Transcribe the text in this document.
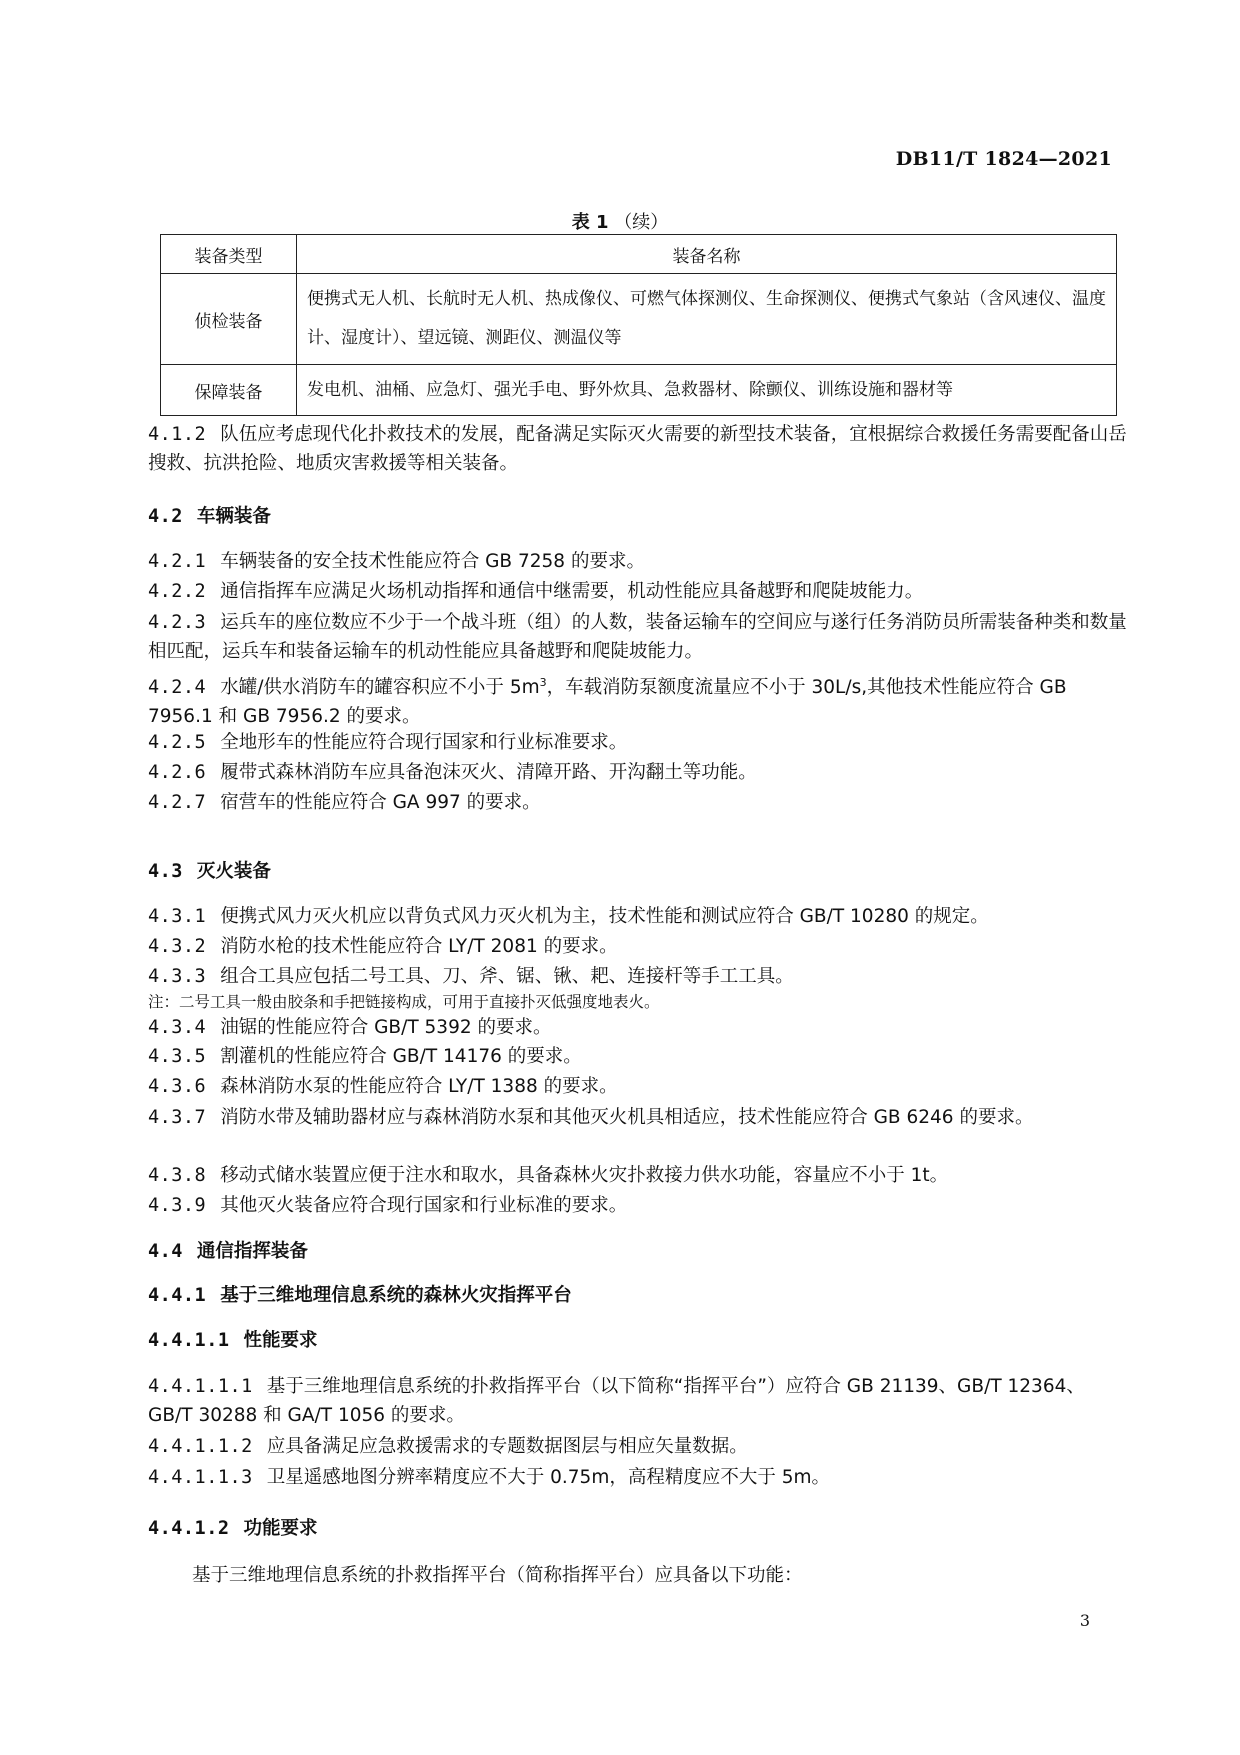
DB11/T 1824—2021
表 1 （续）
装备类型	装备名称
侦检装备	便携式无人机、长航时无人机、热成像仪、可燃气体探测仪、生命探测仪、便携式气象站（含风速仪、温度计、湿度计）、望远镜、测距仪、测温仪等
保障装备	发电机、油桶、应急灯、强光手电、野外炊具、急救器材、除颤仪、训练设施和器材等
4.1.2 队伍应考虑现代化扑救技术的发展，配备满足实际灭火需要的新型技术装备，宜根据综合救援任务需要配备山岳搜救、抗洪抢险、地质灾害救援等相关装备。
4.2 车辆装备
4.2.1 车辆装备的安全技术性能应符合 GB 7258 的要求。
4.2.2 通信指挥车应满足火场机动指挥和通信中继需要，机动性能应具备越野和爬陡坡能力。
4.2.3 运兵车的座位数应不少于一个战斗班（组）的人数，装备运输车的空间应与遂行任务消防员所需装备种类和数量相匹配，运兵车和装备运输车的机动性能应具备越野和爬陡坡能力。
4.2.4 水罐/供水消防车的罐容积应不小于 $5m^3$，车载消防泵额度流量应不小于 30L/s,其他技术性能应符合 GB 7956.1 和 GB 7956.2 的要求。
4.2.5 全地形车的性能应符合现行国家和行业标准要求。
4.2.6 履带式森林消防车应具备泡沫灭火、清障开路、开沟翻土等功能。
4.2.7 宿营车的性能应符合 GA 997 的要求。
4.3 灭火装备
4.3.1 便携式风力灭火机应以背负式风力灭火机为主，技术性能和测试应符合 GB/T 10280 的规定。
4.3.2 消防水枪的技术性能应符合 LY/T 2081 的要求。
4.3.3 组合工具应包括二号工具、刀、斧、锯、锹、耙、连接杆等手工工具。
注：二号工具一般由胶条和手把链接构成，可用于直接扑灭低强度地表火。
4.3.4 油锯的性能应符合 GB/T 5392 的要求。
4.3.5 割灌机的性能应符合 GB/T 14176 的要求。
4.3.6 森林消防水泵的性能应符合 LY/T 1388 的要求。
4.3.7 消防水带及辅助器材应与森林消防水泵和其他灭火机具相适应，技术性能应符合 GB 6246 的要求。
4.3.8 移动式储水装置应便于注水和取水，具备森林火灾扑救接力供水功能，容量应不小于 1t。
4.3.9 其他灭火装备应符合现行国家和行业标准的要求。
4.4 通信指挥装备
4.4.1 基于三维地理信息系统的森林火灾指挥平台
4.4.1.1 性能要求
4.4.1.1.1 基于三维地理信息系统的扑救指挥平台（以下简称“指挥平台”）应符合 GB 21139、GB/T 12364、GB/T 30288 和 GA/T 1056 的要求。
4.4.1.1.2 应具备满足应急救援需求的专题数据图层与相应矢量数据。
4.4.1.1.3 卫星遥感地图分辨率精度应不大于 0.75m，高程精度应不大于 5m。
4.4.1.2 功能要求
基于三维地理信息系统的扑救指挥平台（简称指挥平台）应具备以下功能：
3
